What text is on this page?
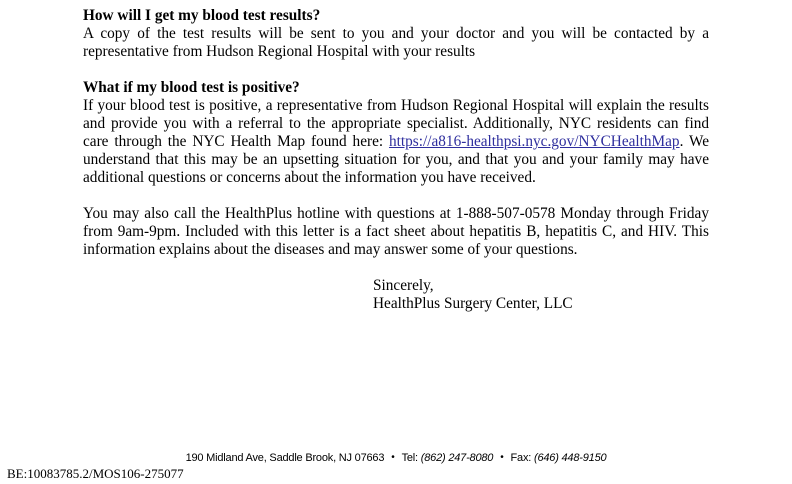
How will I get my blood test results?

A copy of the test results will be sent to you and your doctor and you will be contacted by a representative from Hudson Regional Hospital with your results

What if my blood test is positive?

If your blood test is positive, a representative from Hudson Regional Hospital will explain the results and provide you with a referral to the appropriate specialist. Additionally, NYC residents can find care through the NYC Health Map found here: https://a816-healthpsi.nyc.gov/NYCHealthMap. We understand that this may be an upsetting situation for you, and that you and your family may have additional questions or concerns about the information you have received.

You may also call the HealthPlus hotline with questions at 1-888-507-0578 Monday through Friday from 9am-9pm. Included with this letter is a fact sheet about hepatitis B, hepatitis C, and HIV. This information explains about the diseases and may answer some of your questions.

Sincerely,
HealthPlus Surgery Center, LLC
190 Midland Ave, Saddle Brook, NJ 07663 • Tel: (862) 247-8080 • Fax: (646) 448-9150
BE:10083785.2/MOS106-275077
